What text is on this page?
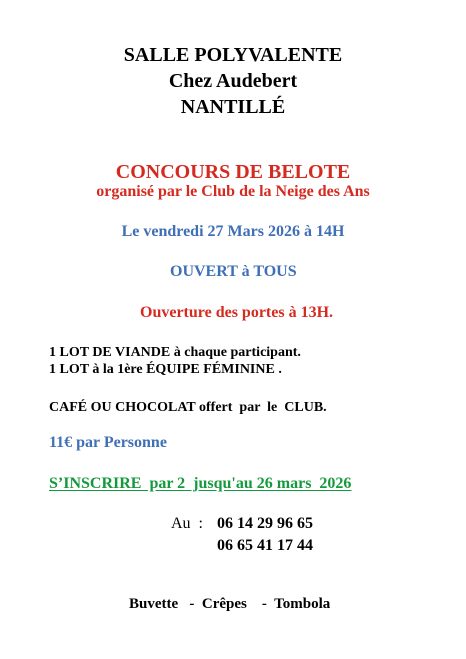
SALLE POLYVALENTE
Chez Audebert
NANTILLÉ
CONCOURS DE BELOTE
organisé par le Club de la Neige des Ans
Le vendredi 27 Mars 2026 à 14H
OUVERT à TOUS
Ouverture des portes à 13H.
1 LOT DE VIANDE à chaque participant.
1 LOT à la 1ère ÉQUIPE FÉMININE .
CAFÉ OU CHOCOLAT offert  par  le  CLUB.
11€ par Personne
S’INSCRIRE  par 2  jusqu'au 26 mars  2026
Au  : 06 14 29 96 65
06 65 41 17 44
Buvette   -  Crêpes    -  Tombola
